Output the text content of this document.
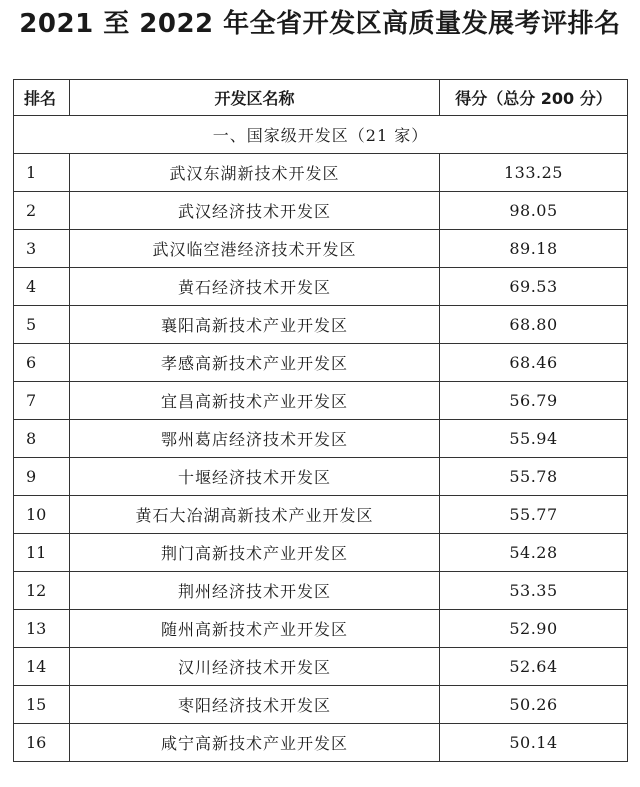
2021 至 2022 年全省开发区高质量发展考评排名
排名	开发区名称	得分（总分 200 分）
一、国家级开发区（21 家）		
1	武汉东湖新技术开发区	133.25
2	武汉经济技术开发区	98.05
3	武汉临空港经济技术开发区	89.18
4	黄石经济技术开发区	69.53
5	襄阳高新技术产业开发区	68.80
6	孝感高新技术产业开发区	68.46
7	宜昌高新技术产业开发区	56.79
8	鄂州葛店经济技术开发区	55.94
9	十堰经济技术开发区	55.78
10	黄石大冶湖高新技术产业开发区	55.77
11	荆门高新技术产业开发区	54.28
12	荆州经济技术开发区	53.35
13	随州高新技术产业开发区	52.90
14	汉川经济技术开发区	52.64
15	枣阳经济技术开发区	50.26
16	咸宁高新技术产业开发区	50.14
